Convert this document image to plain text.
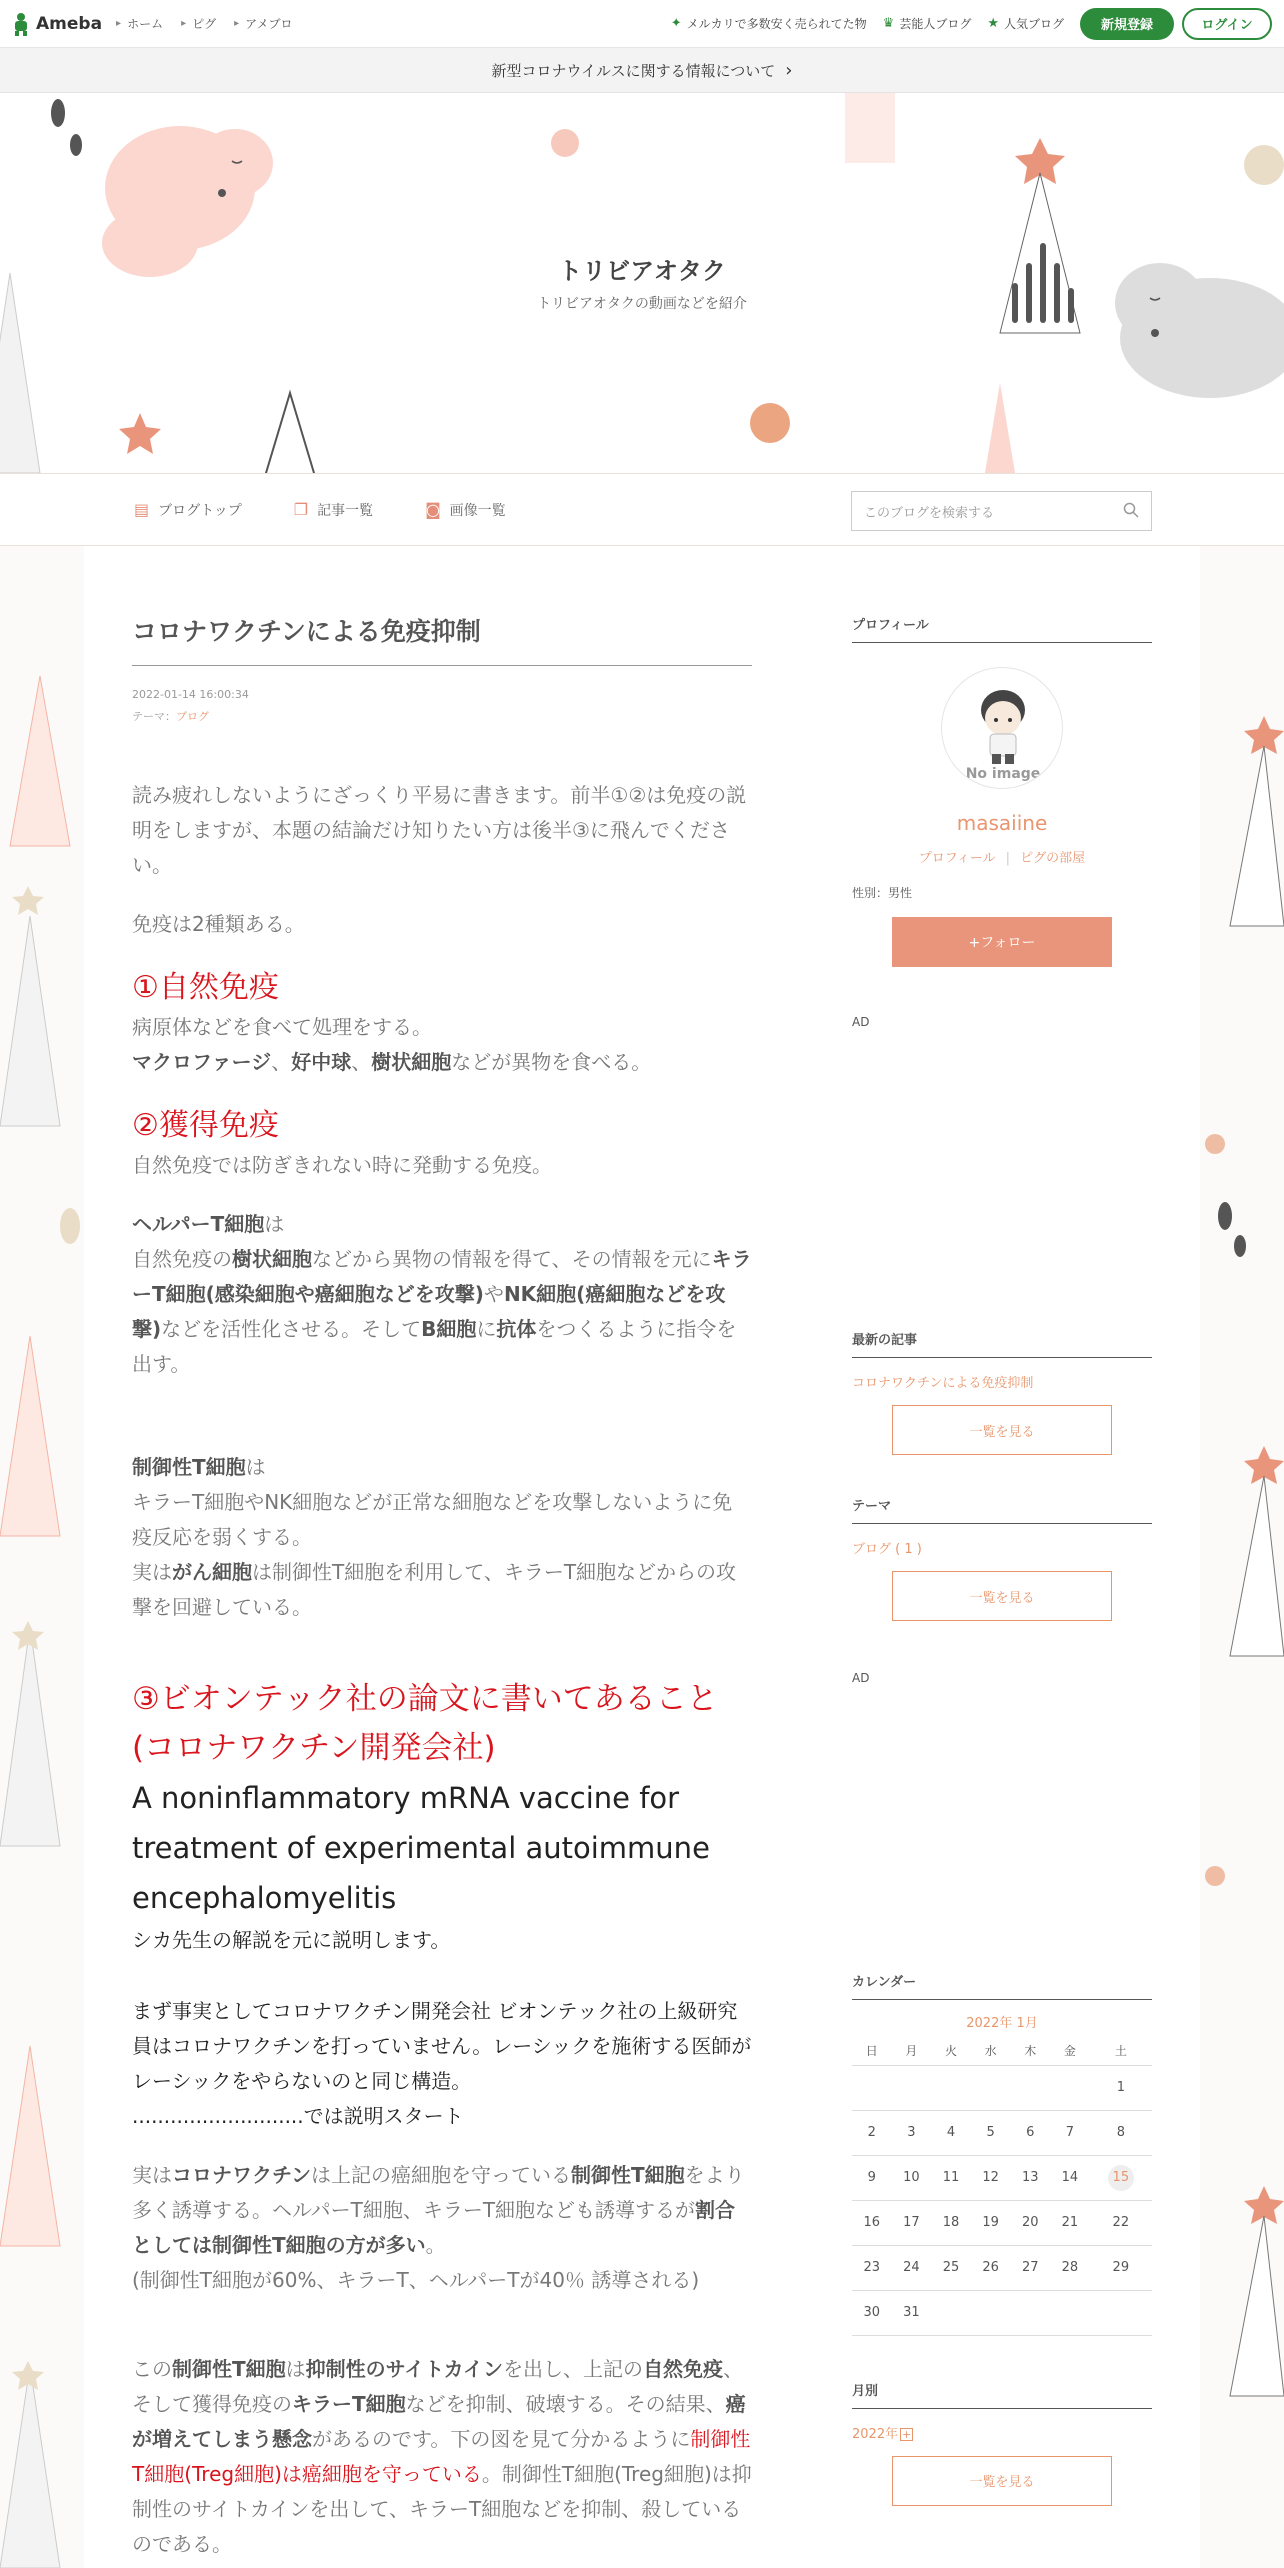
Ameba ▸ ホーム ▸ ピグ ▸ アメブロ	✦ メルカリで多数安く売られてた物 ♛ 芸能人ブログ ★ 人気ブログ	新規登録	ログイン
新型コロナウイルスに関する情報について ›
トリビアオタク
トリビアオタクの動画などを紹介
▤ ブログトップ	❐ 記事一覧	◙ 画像一覧	このブログを検索する
コロナワクチンによる免疫抑制
2022-01-14 16:00:34
テーマ：ブログ

読み疲れしないようにざっくり平易に書きます。前半①②は免疫の説明をしますが、本題の結論だけ知りたい方は後半③に飛んでください。

免疫は2種類ある。

①自然免疫
病原体などを食べて処理をする。

マクロファージ、好中球、樹状細胞などが異物を食べる。

②獲得免疫

自然免疫では防ぎきれない時に発動する免疫。

ヘルパーT細胞は

自然免疫の樹状細胞などから異物の情報を得て、その情報を元にキラーT細胞(感染細胞や癌細胞などを攻撃)やNK細胞(癌細胞などを攻撃)などを活性化させる。そしてB細胞に抗体をつくるように指令を出す。

制御性T細胞は
キラーT細胞やNK細胞などが正常な細胞などを攻撃しないように免疫反応を弱くする。

実はがん細胞は制御性T細胞を利用して、キラーT細胞などからの攻撃を回避している。

③ビオンテック社の論文に書いてあること(コロナワクチン開発会社)
A noninflammatory mRNA vaccine for treatment of experimental autoimmune encephalomyelitis

シカ先生の解説を元に説明します。

まず事実としてコロナワクチン開発会社 ビオンテック社の上級研究員はコロナワクチンを打っていません。レーシックを施術する医師がレーシックをやらないのと同じ構造。

...........................では説明スタート

実はコロナワクチンは上記の癌細胞を守っている制御性T細胞をより多く誘導する。ヘルパーT細胞、キラーT細胞なども誘導するが割合としては制御性T細胞の方が多い。

(制御性T細胞が60%、キラーT、ヘルパーTが40％ 誘導される)

この制御性T細胞は抑制性のサイトカインを出し、上記の自然免疫、そして獲得免疫のキラーT細胞などを抑制、破壊する。その結果、癌が増えてしまう懸念があるのです。下の図を見て分かるように制御性T細胞(Treg細胞)は癌細胞を守っている。制御性T細胞(Treg細胞)は抑制性のサイトカインを出して、キラーT細胞などを抑制、殺しているのである。

プロフィール
No image
masaiine
プロフィール | ピグの部屋
性別：男性
+フォロー
AD
最新の記事
コロナワクチンによる免疫抑制
一覧を見る
テーマ
ブログ ( 1 )
一覧を見る
AD
カレンダー
2022年 1月
日	月	火	水	木	金	土
						1
2	3	4	5	6	7	8
9	10	11	12	13	14	15
16	17	18	19	20	21	22
23	24	25	26	27	28	29
30	31					
月別
2022年 +
一覧を見る
